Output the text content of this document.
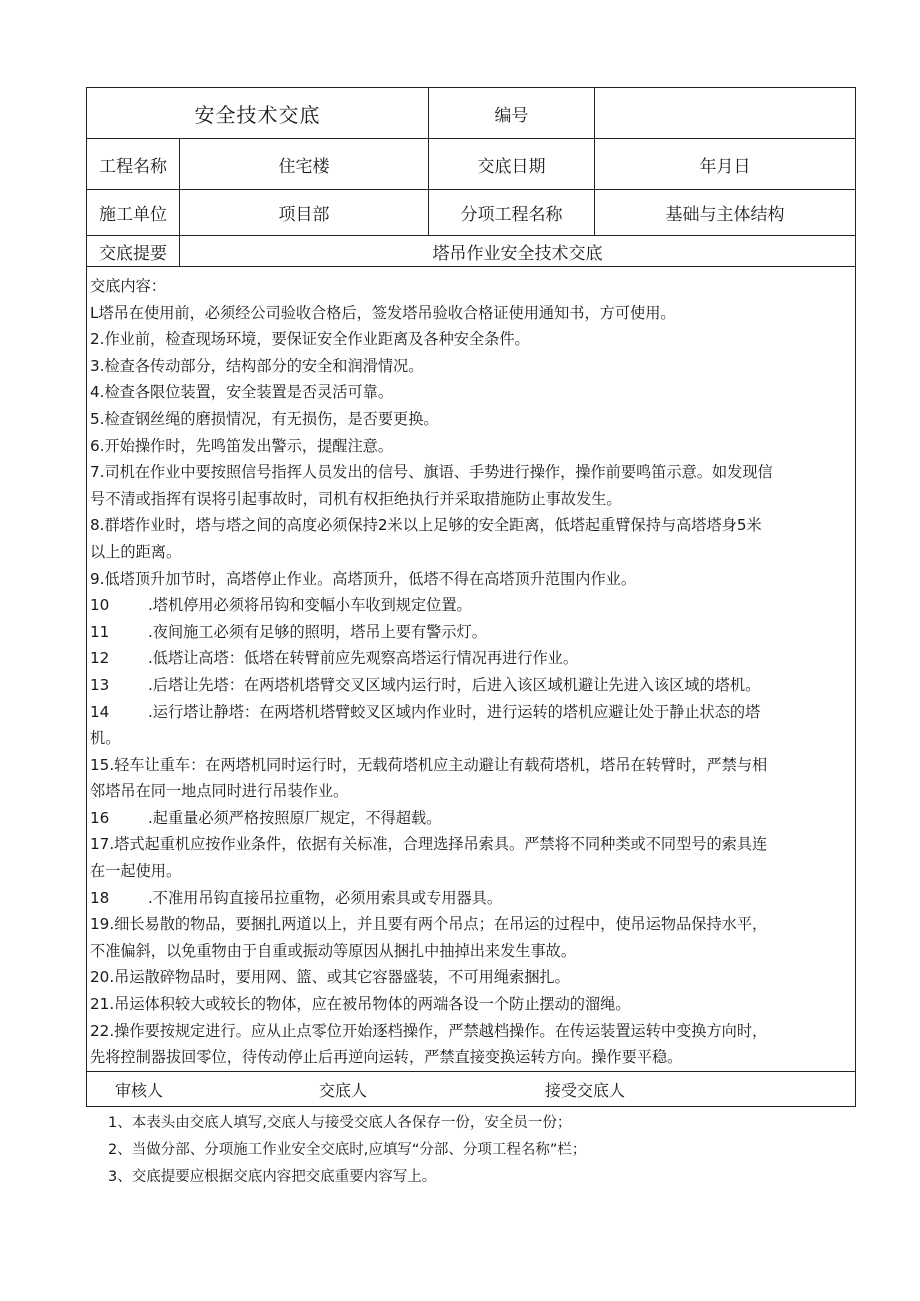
安全技术交底	编号
工程名称	住宅楼	交底日期	年月日
施工单位	项目部	分项工程名称	基础与主体结构
交底提要	塔吊作业安全技术交底
交底内容：
L塔吊在使用前，必须经公司验收合格后，签发塔吊验收合格证使用通知书，方可使用。
2.作业前，检查现场环境，要保证安全作业距离及各种安全条件。
3.检查各传动部分，结构部分的安全和润滑情况。
4.检查各限位装置，安全装置是否灵活可靠。
5.检查钢丝绳的磨损情况，有无损伤，是否要更换。
6.开始操作时，先鸣笛发出警示，提醒注意。
7.司机在作业中要按照信号指挥人员发出的信号、旗语、手势进行操作，操作前要鸣笛示意。如发现信
号不清或指挥有误将引起事故时，司机有权拒绝执行并采取措施防止事故发生。
8.群塔作业时，塔与塔之间的高度必须保持2米以上足够的安全距离，低塔起重臂保持与高塔塔身5米
以上的距离。
9.低塔顶升加节时，高塔停止作业。高塔顶升，低塔不得在高塔顶升范围内作业。
10        .塔机停用必须将吊钩和变幅小车收到规定位置。
11        .夜间施工必须有足够的照明，塔吊上要有警示灯。
12        .低塔让高塔：低塔在转臂前应先观察高塔运行情况再进行作业。
13        .后塔让先塔：在两塔机塔臂交叉区域内运行时，后进入该区域机避让先进入该区域的塔机。
14        .运行塔让静塔：在两塔机塔臂蛟叉区域内作业时，进行运转的塔机应避让处于静止状态的塔
机。
15.轻车让重车：在两塔机同时运行时，无载荷塔机应主动避让有载荷塔机，塔吊在转臂时，严禁与相
邻塔吊在同一地点同时进行吊装作业。
16        .起重量必须严格按照原厂规定，不得超载。
17.塔式起重机应按作业条件，依据有关标准，合理选择吊索具。严禁将不同种类或不同型号的索具连
在一起使用。
18        .不准用吊钩直接吊拉重物，必须用索具或专用器具。
19.细长易散的物品，要捆扎两道以上，并且要有两个吊点；在吊运的过程中，使吊运物品保持水平，
不准偏斜，以免重物由于自重或振动等原因从捆扎中抽掉出来发生事故。
20.吊运散碎物品时，要用网、篮、或其它容器盛装，不可用绳索捆扎。
21.吊运体积较大或较长的物体，应在被吊物体的两端各设一个防止摆动的溜绳。
22.操作要按规定进行。应从止点零位开始逐档操作，严禁越档操作。在传运装置运转中变换方向时，
先将控制器拔回零位，待传动停止后再逆向运转，严禁直接变换运转方向。操作要平稳。
审核人	交底人	接受交底人
1、本表头由交底人填写,交底人与接受交底人各保存一份，安全员一份；
2、当做分部、分项施工作业安全交底时,应填写“分部、分项工程名称”栏；
3、交底提要应根据交底内容把交底重要内容写上。
